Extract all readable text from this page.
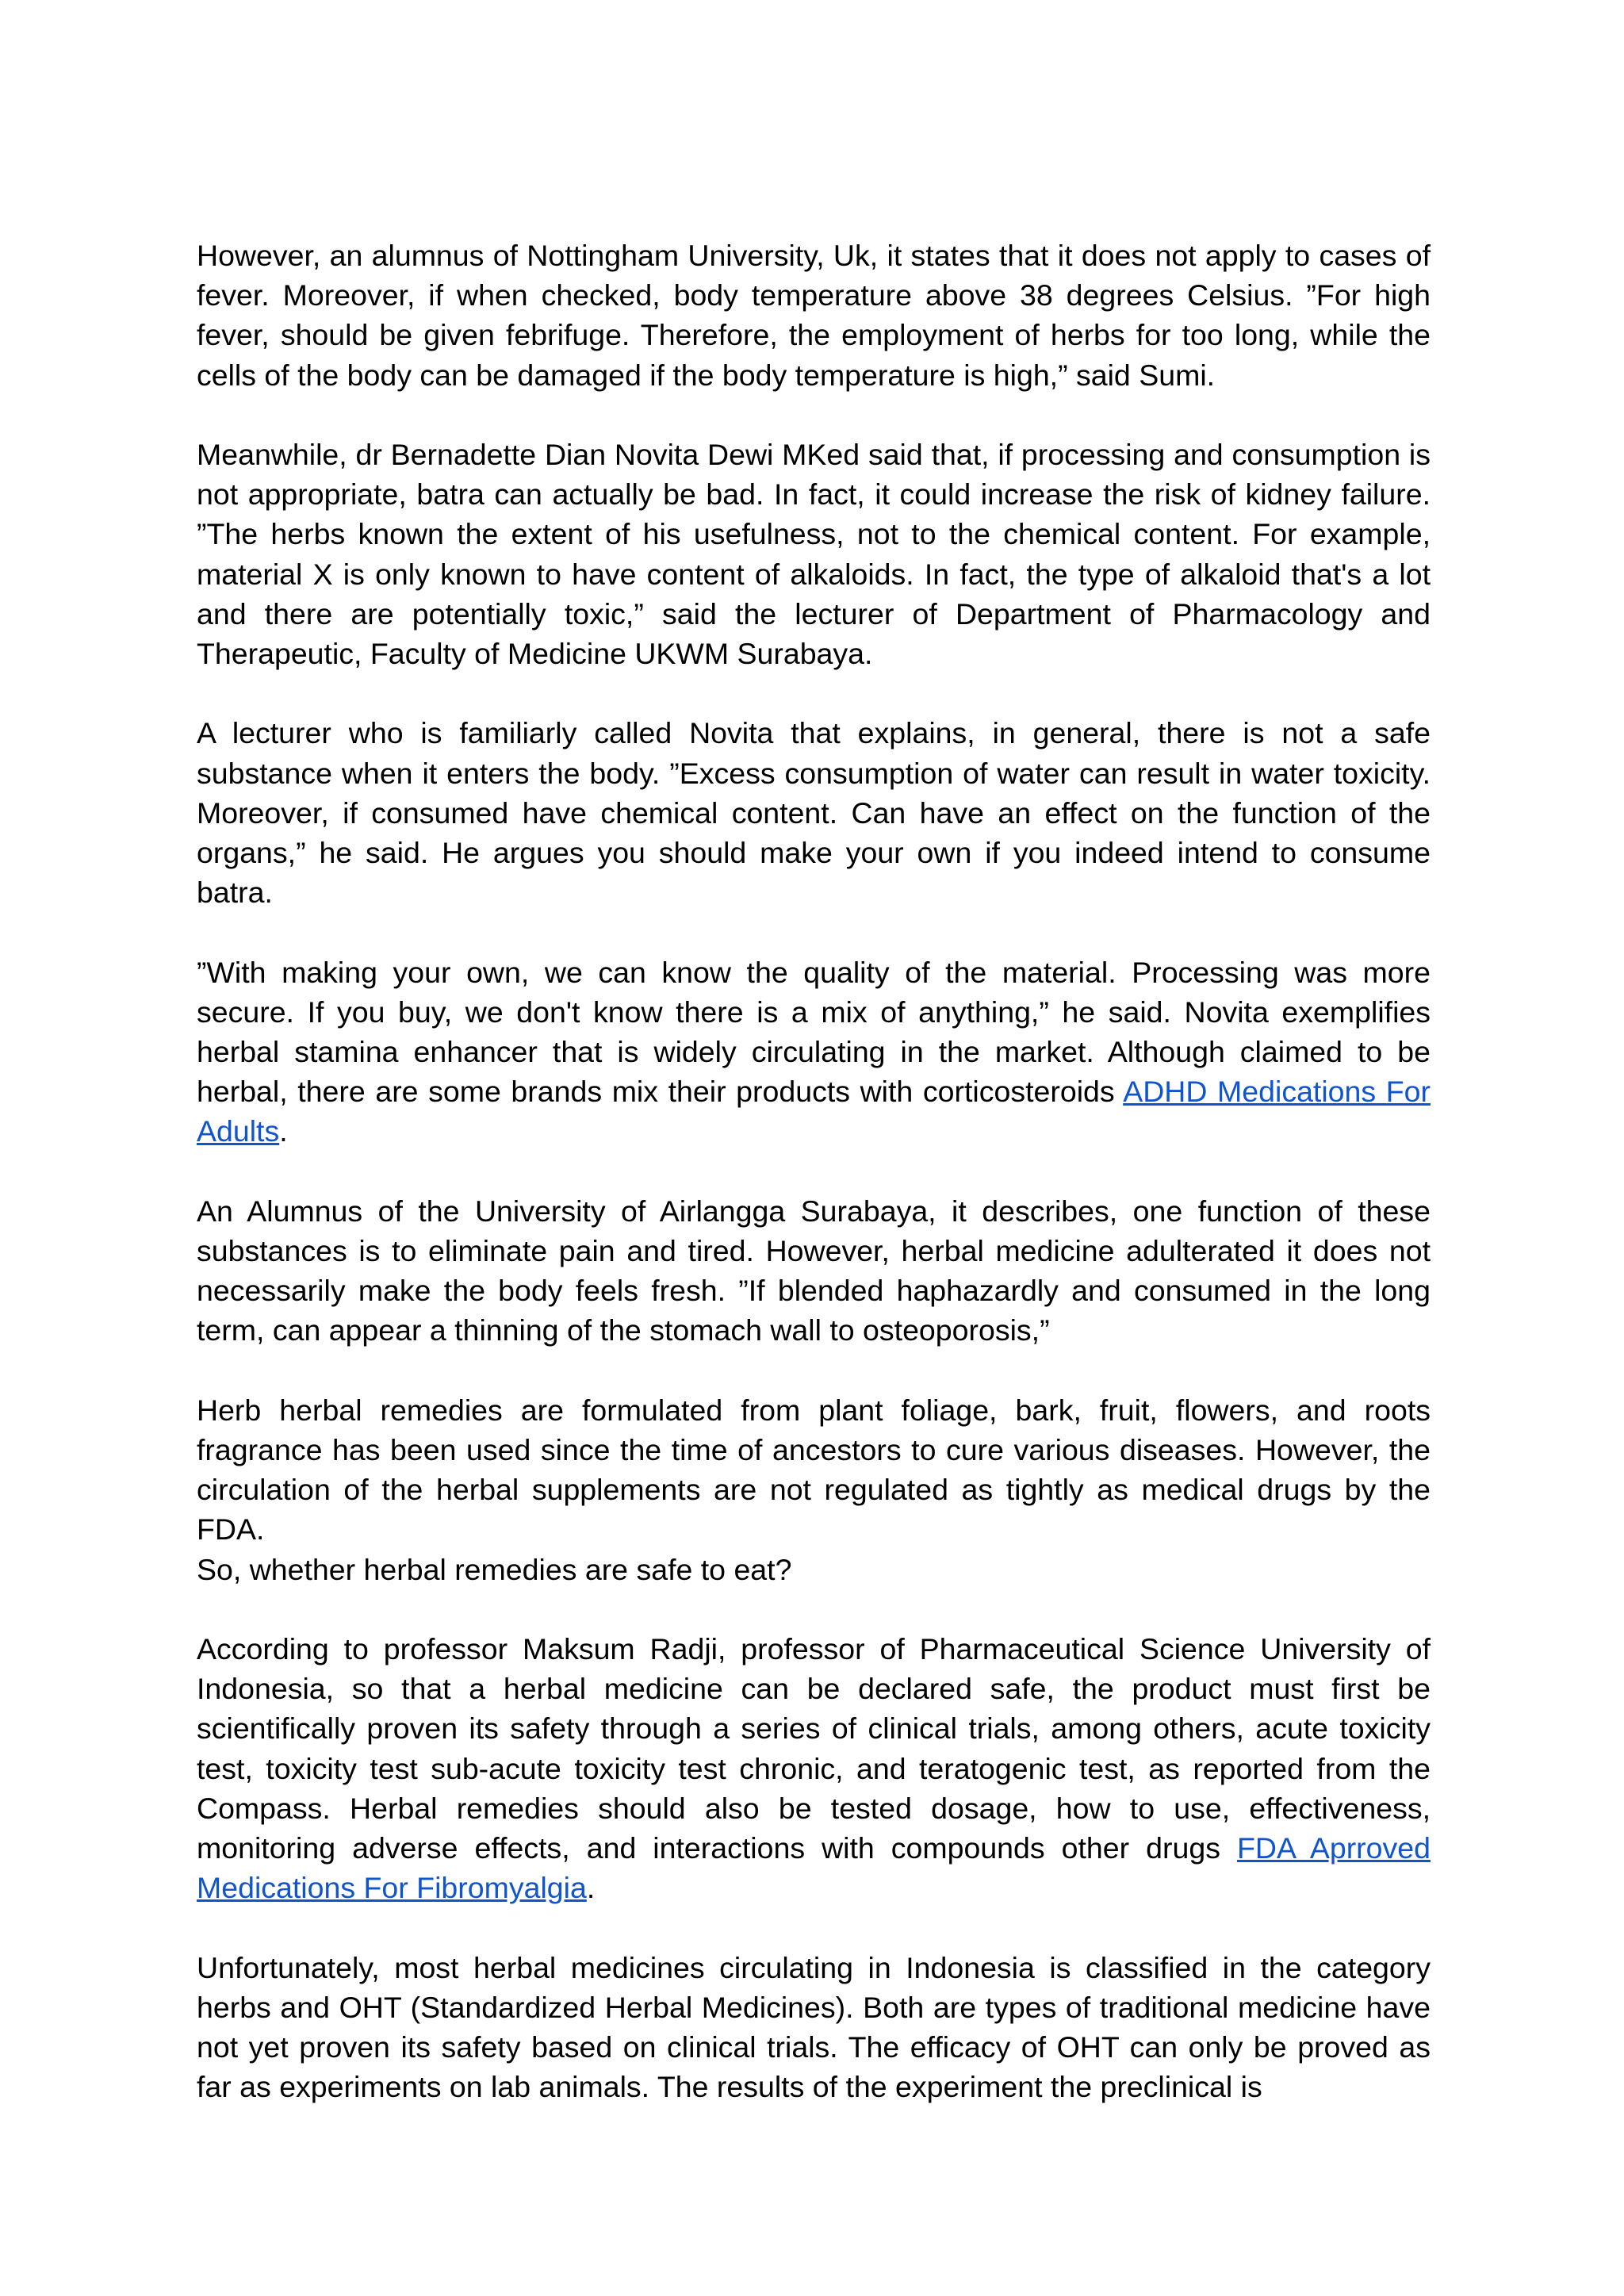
However, an alumnus of Nottingham University, Uk, it states that it does not apply to cases of fever. Moreover, if when checked, body temperature above 38 degrees Celsius. ”For high fever, should be given febrifuge. Therefore, the employment of herbs for too long, while the cells of the body can be damaged if the body temperature is high,” said Sumi.

Meanwhile, dr Bernadette Dian Novita Dewi MKed said that, if processing and consumption is not appropriate, batra can actually be bad. In fact, it could increase the risk of kidney failure. ”The herbs known the extent of his usefulness, not to the chemical content. For example, material X is only known to have content of alkaloids. In fact, the type of alkaloid that's a lot and there are potentially toxic,” said the lecturer of Department of Pharmacology and Therapeutic, Faculty of Medicine UKWM Surabaya.

A lecturer who is familiarly called Novita that explains, in general, there is not a safe substance when it enters the body. ”Excess consumption of water can result in water toxicity. Moreover, if consumed have chemical content. Can have an effect on the function of the organs,” he said. He argues you should make your own if you indeed intend to consume batra.

”With making your own, we can know the quality of the material. Processing was more secure. If you buy, we don't know there is a mix of anything,” he said. Novita exemplifies herbal stamina enhancer that is widely circulating in the market. Although claimed to be herbal, there are some brands mix their products with corticosteroids ADHD Medications For Adults.

An Alumnus of the University of Airlangga Surabaya, it describes, one function of these substances is to eliminate pain and tired. However, herbal medicine adulterated it does not necessarily make the body feels fresh. ”If blended haphazardly and consumed in the long term, can appear a thinning of the stomach wall to osteoporosis,”

Herb herbal remedies are formulated from plant foliage, bark, fruit, flowers, and roots fragrance has been used since the time of ancestors to cure various diseases. However, the circulation of the herbal supplements are not regulated as tightly as medical drugs by the FDA.

So, whether herbal remedies are safe to eat?

According to professor Maksum Radji, professor of Pharmaceutical Science University of Indonesia, so that a herbal medicine can be declared safe, the product must first be scientifically proven its safety through a series of clinical trials, among others, acute toxicity test, toxicity test sub-acute toxicity test chronic, and teratogenic test, as reported from the Compass. Herbal remedies should also be tested dosage, how to use, effectiveness, monitoring adverse effects, and interactions with compounds other drugs FDA Aprroved Medications For Fibromyalgia.

Unfortunately, most herbal medicines circulating in Indonesia is classified in the category herbs and OHT (Standardized Herbal Medicines). Both are types of traditional medicine have not yet proven its safety based on clinical trials. The efficacy of OHT can only be proved as far as experiments on lab animals. The results of the experiment the preclinical is
